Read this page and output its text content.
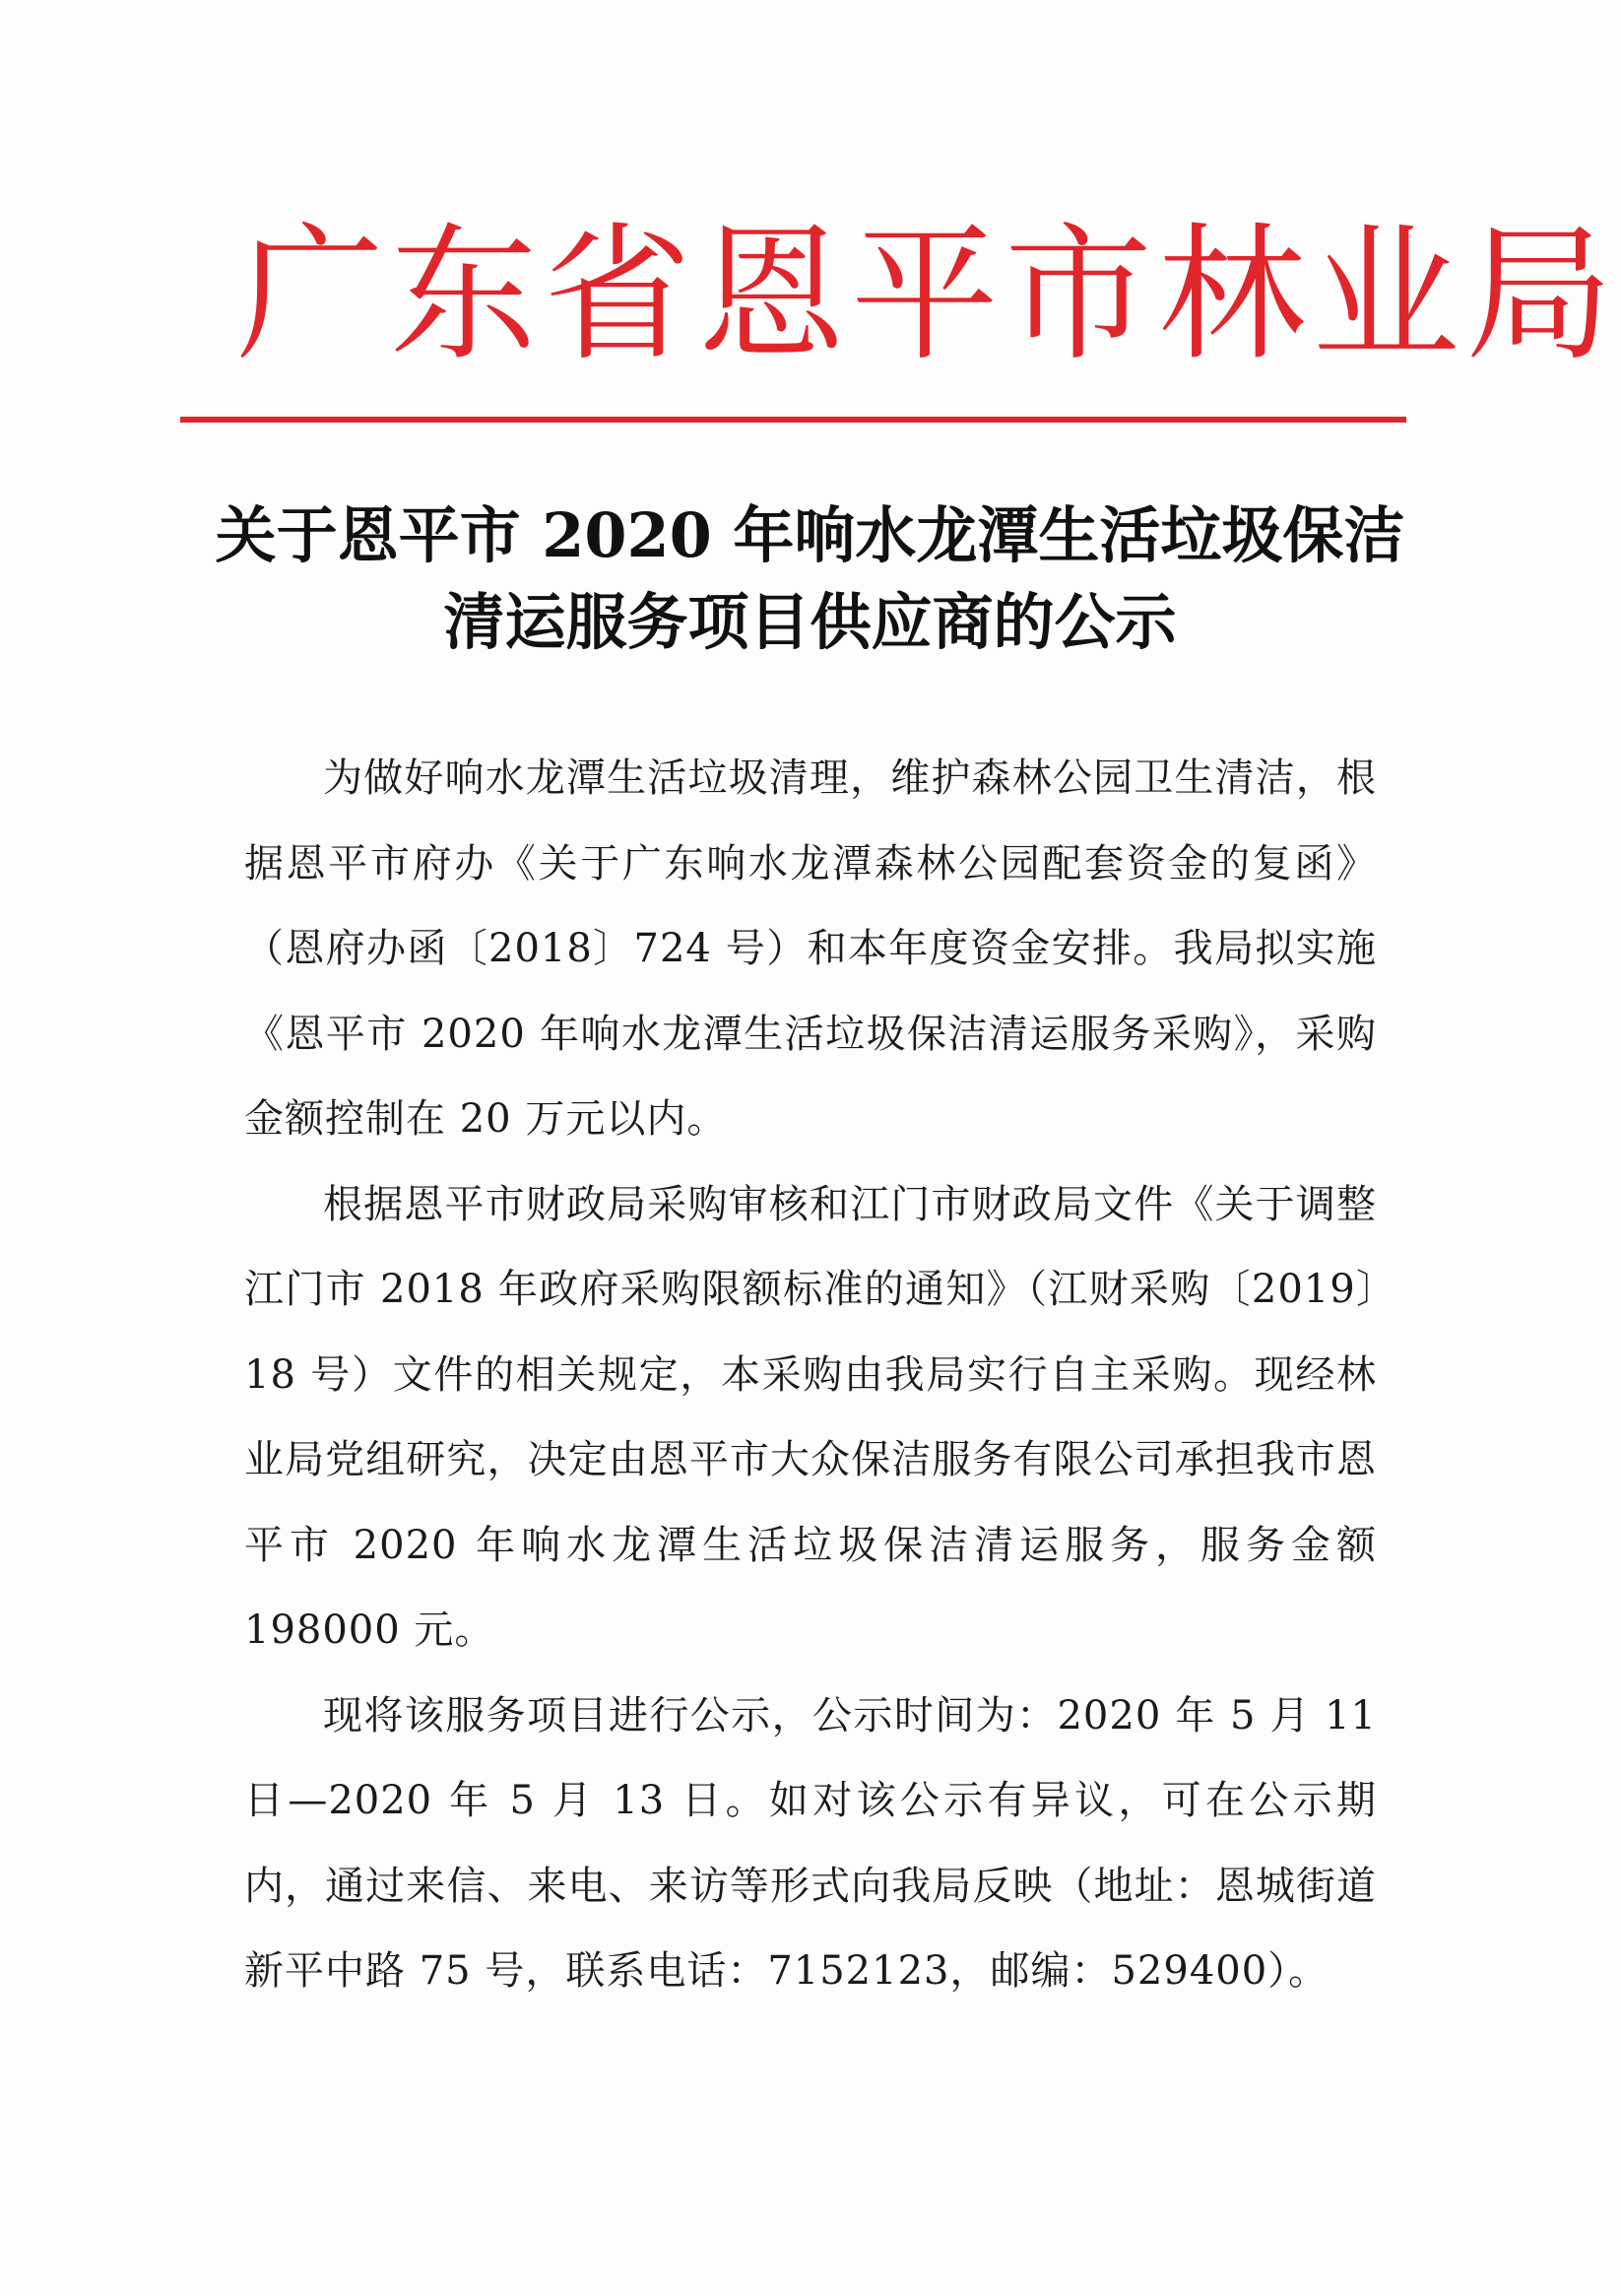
广东省恩平市林业局
关于恩平市 2020 年响水龙潭生活垃圾保洁
清运服务项目供应商的公示

为做好响水龙潭生活垃圾清理，维护森林公园卫生清洁，根据恩平市府办《关于广东响水龙潭森林公园配套资金的复函》（恩府办函〔2018〕724 号）和本年度资金安排。我局拟实施《恩平市 2020 年响水龙潭生活垃圾保洁清运服务采购》，采购金额控制在 20 万元以内。

根据恩平市财政局采购审核和江门市财政局文件《关于调整江门市 2018 年政府采购限额标准的通知》（江财采购〔2019〕18 号）文件的相关规定，本采购由我局实行自主采购。现经林业局党组研究，决定由恩平市大众保洁服务有限公司承担我市恩平市 2020 年响水龙潭生活垃圾保洁清运服务，服务金额 198000 元。

现将该服务项目进行公示，公示时间为：2020 年 5 月 11 日—2020 年 5 月 13 日。如对该公示有异议，可在公示期内，通过来信、来电、来访等形式向我局反映（地址：恩城街道新平中路 75 号，联系电话：7152123，邮编：529400）。
